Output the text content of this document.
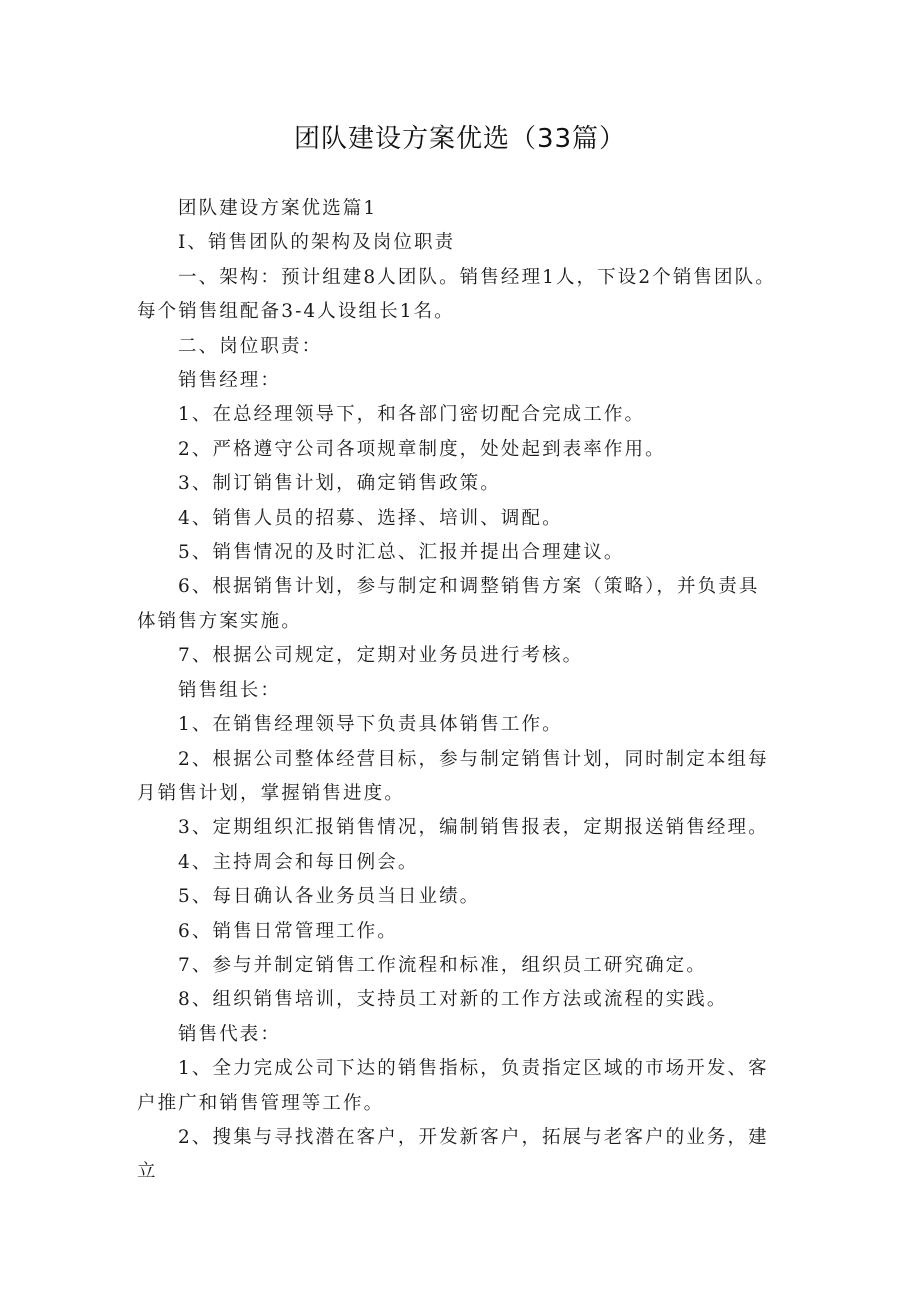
团队建设方案优选（33篇）

团队建设方案优选篇1

I、销售团队的架构及岗位职责

一、架构：预计组建8人团队。销售经理1人，下设2个销售团队。每个销售组配备3-4人设组长1名。

二、岗位职责：

销售经理：

1、在总经理领导下，和各部门密切配合完成工作。

2、严格遵守公司各项规章制度，处处起到表率作用。

3、制订销售计划，确定销售政策。

4、销售人员的招募、选择、培训、调配。

5、销售情况的及时汇总、汇报并提出合理建议。

6、根据销售计划，参与制定和调整销售方案（策略），并负责具体销售方案实施。

7、根据公司规定，定期对业务员进行考核。

销售组长：

1、在销售经理领导下负责具体销售工作。

2、根据公司整体经营目标，参与制定销售计划，同时制定本组每月销售计划，掌握销售进度。

3、定期组织汇报销售情况，编制销售报表，定期报送销售经理。

4、主持周会和每日例会。

5、每日确认各业务员当日业绩。

6、销售日常管理工作。

7、参与并制定销售工作流程和标准，组织员工研究确定。

8、组织销售培训，支持员工对新的工作方法或流程的实践。

销售代表：

1、全力完成公司下达的销售指标，负责指定区域的市场开发、客户推广和销售管理等工作。

2、搜集与寻找潜在客户，开发新客户，拓展与老客户的业务，建立
